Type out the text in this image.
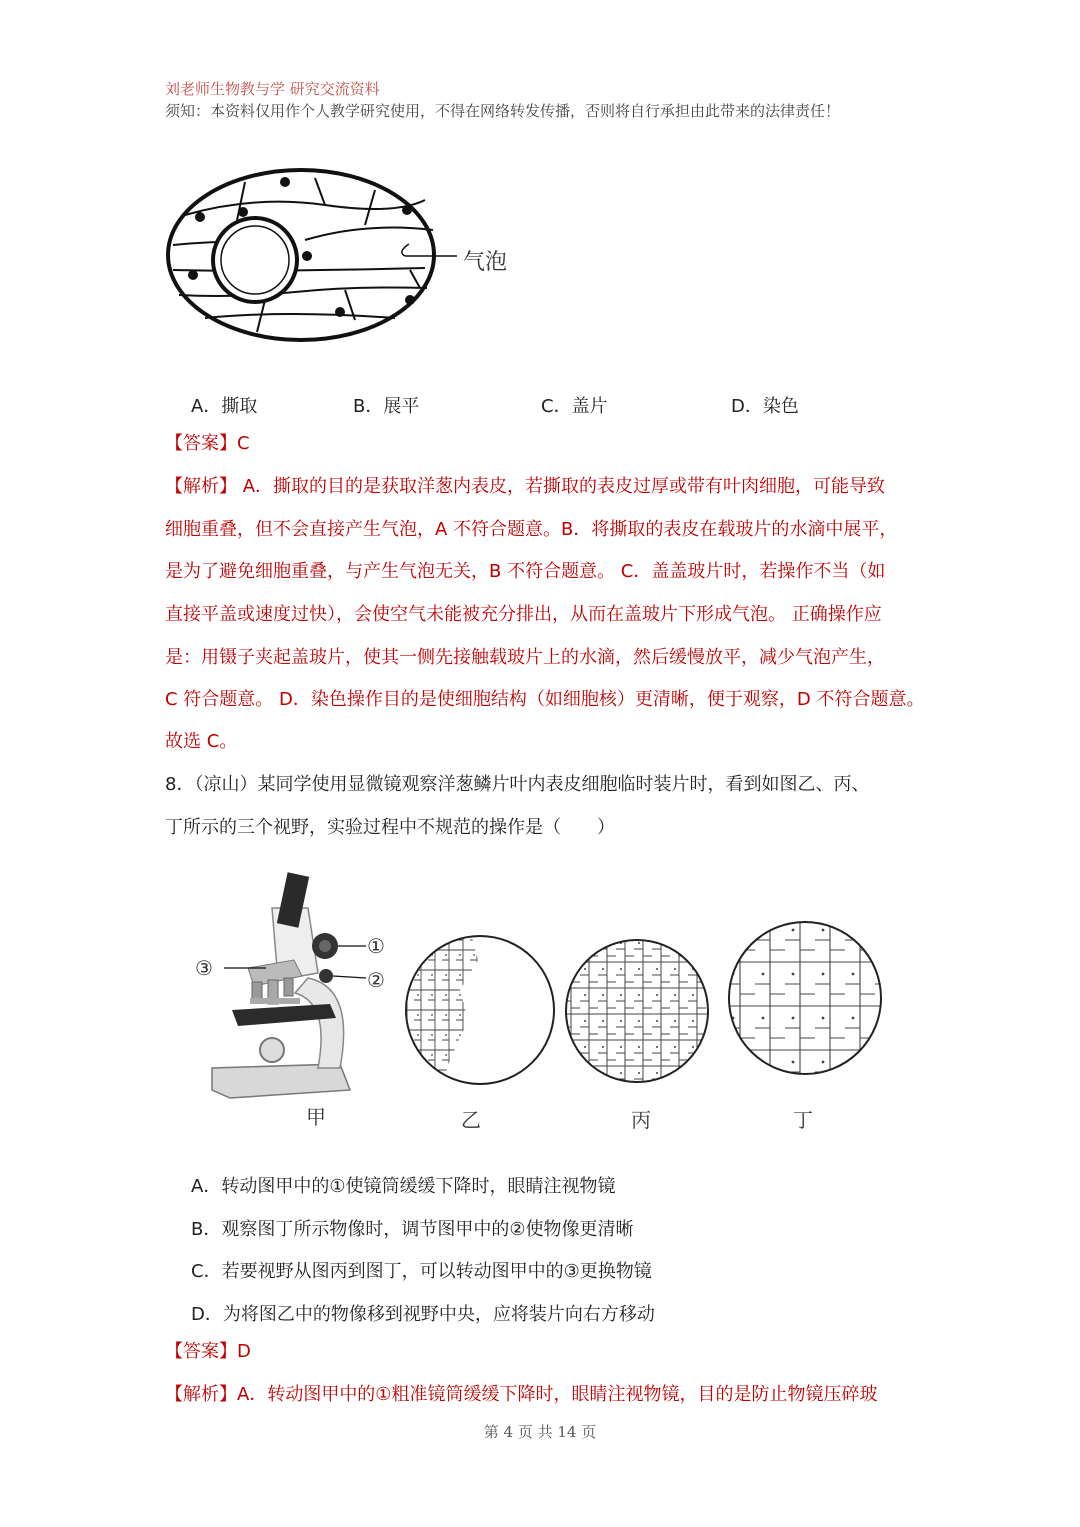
刘老师生物教与学 研究交流资料
须知：本资料仅用作个人教学研究使用，不得在网络转发传播，否则将自行承担由此带来的法律责任！
气泡
A．撕取	B．展平	C．盖片	D．染色
【答案】C
【解析】 A．撕取的目的是获取洋葱内表皮，若撕取的表皮过厚或带有叶肉细胞，可能导致
细胞重叠，但不会直接产生气泡，A 不符合题意。B．将撕取的表皮在载玻片的水滴中展平，
是为了避免细胞重叠，与产生气泡无关，B 不符合题意。 C．盖盖玻片时，若操作不当（如
直接平盖或速度过快），会使空气未能被充分排出，从而在盖玻片下形成气泡。 正确操作应
是：用镊子夹起盖玻片，使其一侧先接触载玻片上的水滴，然后缓慢放平，减少气泡产生，
C 符合题意。 D．染色操作目的是使细胞结构（如细胞核）更清晰，便于观察，D 不符合题意。
故选 C。
8．（凉山）某同学使用显微镜观察洋葱鳞片叶内表皮细胞临时装片时，看到如图乙、丙、
丁所示的三个视野，实验过程中不规范的操作是（　　）
①
②
③
甲	乙	丙	丁
A．转动图甲中的①使镜筒缓缓下降时，眼睛注视物镜
B．观察图丁所示物像时，调节图甲中的②使物像更清晰
C．若要视野从图丙到图丁，可以转动图甲中的③更换物镜
D．为将图乙中的物像移到视野中央，应将装片向右方移动
【答案】D
【解析】A．转动图甲中的①粗准镜筒缓缓下降时，眼睛注视物镜，目的是防止物镜压碎玻
第 4 页 共 14 页
